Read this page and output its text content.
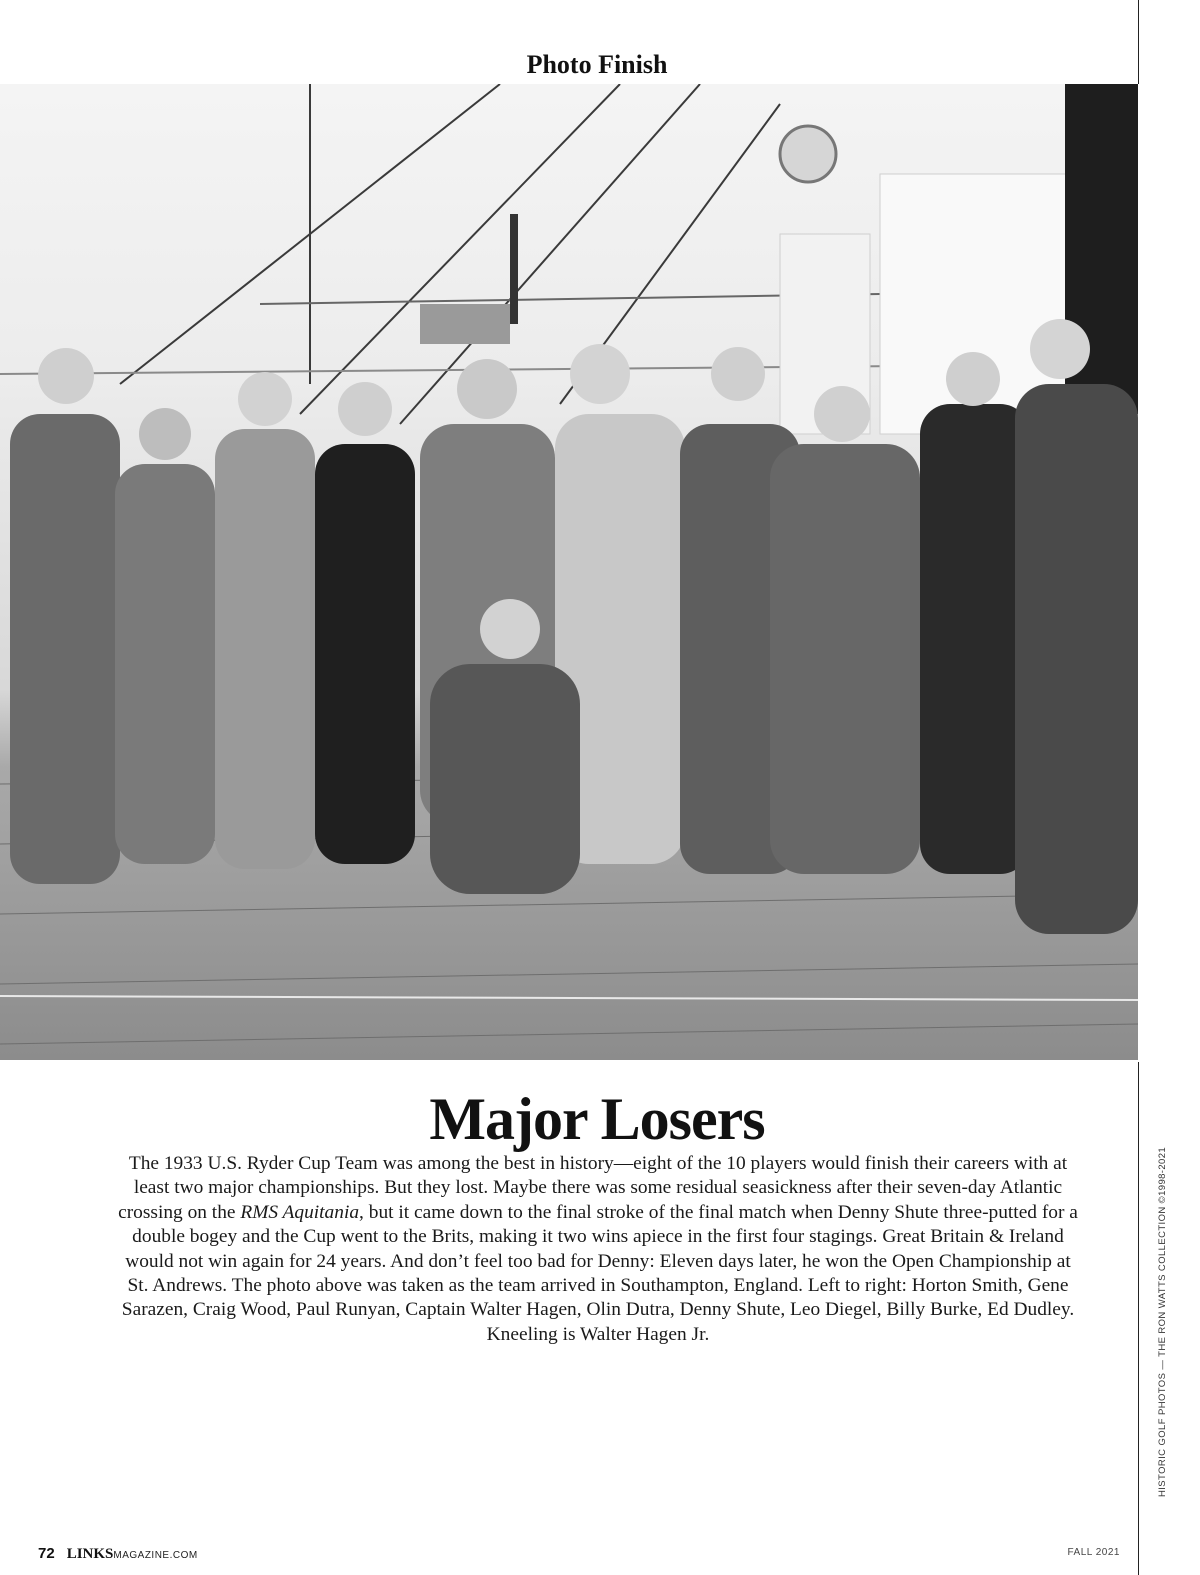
Photo Finish
Major Losers

The 1933 U.S. Ryder Cup Team was among the best in history—eight of the 10 players would finish their careers with at least two major championships. But they lost. Maybe there was some residual seasickness after their seven-day Atlantic crossing on the RMS Aquitania, but it came down to the final stroke of the final match when Denny Shute three-putted for a double bogey and the Cup went to the Brits, making it two wins apiece in the first four stagings. Great Britain & Ireland would not win again for 24 years. And don’t feel too bad for Denny: Eleven days later, he won the Open Championship at St. Andrews. The photo above was taken as the team arrived in Southampton, England. Left to right: Horton Smith, Gene Sarazen, Craig Wood, Paul Runyan, Captain Walter Hagen, Olin Dutra, Denny Shute, Leo Diegel, Billy Burke, Ed Dudley. Kneeling is Walter Hagen Jr.	HISTORIC GOLF PHOTOS — THE RON WATTS COLLECTION ©1998-2021
72 LINKSMAGAZINE.COM	FALL 2021
